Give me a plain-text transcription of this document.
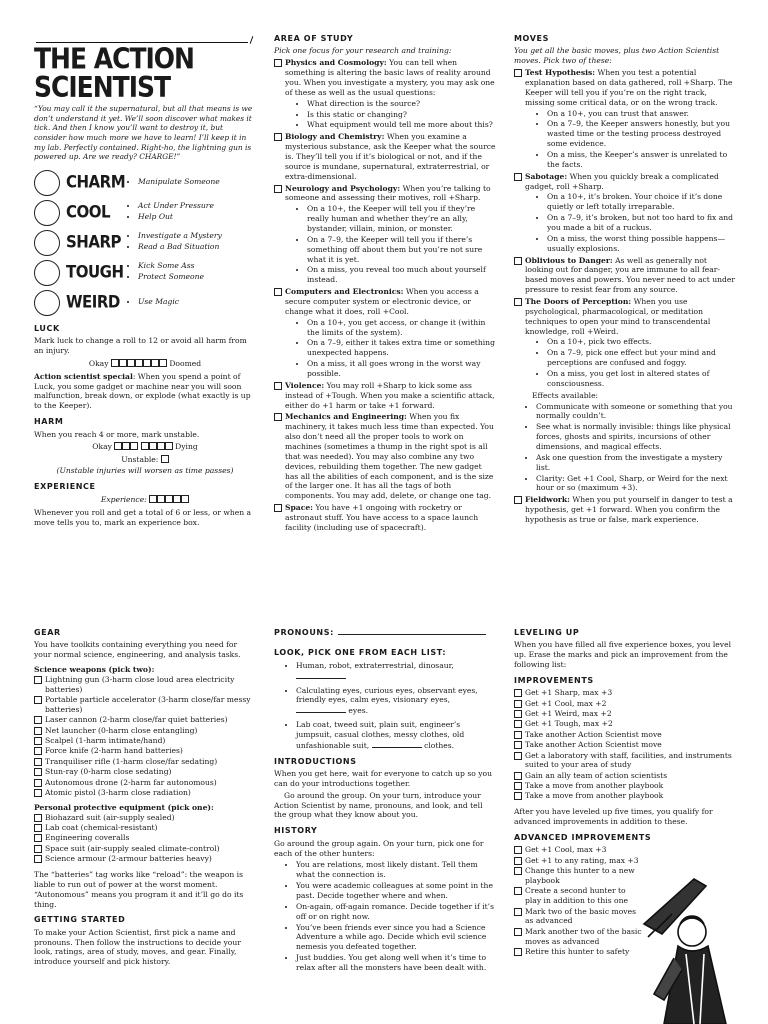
THE ACTION SCIENTIST
“You may call it the supernatural, but all that means is we don’t understand it yet. We’ll soon discover what makes it tick. And then I know you’ll want to destroy it, but consider how much more we have to learn! I’ll keep it in my lab. Perfectly contained. Right-ho, the lightning gun is powered up. Are we ready? CHARGE!”
CHARM	• Manipulate Someone
COOL	• Act Under Pressure
• Help Out
SHARP	• Investigate a Mystery
• Read a Bad Situation
TOUGH	• Kick Some Ass
• Protect Someone
WEIRD	• Use Magic
LUCK

Mark luck to change a roll to 12 or avoid all harm from an injury.

Okay	Doomed

Action scientist special: When you spend a point of Luck, you some gadget or machine near you will soon malfunction, break down, or explode (what exactly is up to the Keeper).

HARM

When you reach 4 or more, mark unstable.

Okay	Dying
Unstable:
(Unstable injuries will worsen as time passes)
EXPERIENCE
Experience:

Whenever you roll and get a total of 6 or less, or when a move tells you to, mark an experience box.

AREA OF STUDY
Pick one focus for your research and training:
Physics and Cosmology: You can tell when something is altering the basic laws of reality around you. When you investigate a mystery, you may ask one of these as well as the usual questions:
• What direction is the source?
• Is this static or changing?
• What equipment would tell me more about this?
Biology and Chemistry: When you examine a mysterious substance, ask the Keeper what the source is. They’ll tell you if it’s biological or not, and if the source is mundane, supernatural, extraterrestrial, or extra-dimensional.
Neurology and Psychology: When you’re talking to someone and assessing their motives, roll +Sharp.
• On a 10+, the Keeper will tell you if they’re really human and whether they’re an ally, bystander, villain, minion, or monster.
• On a 7–9, the Keeper will tell you if there’s something off about them but you’re not sure what it is yet.
• On a miss, you reveal too much about yourself instead.
Computers and Electronics: When you access a secure computer system or electronic device, or change what it does, roll +Cool.
• On a 10+, you get access, or change it (within the limits of the system).
• On a 7–9, either it takes extra time or something unexpected happens.
• On a miss, it all goes wrong in the worst way possible.
Violence: You may roll +Sharp to kick some ass instead of +Tough. When you make a scientific attack, either do +1 harm or take +1 forward.
Mechanics and Engineering: When you fix machinery, it takes much less time than expected. You also don’t need all the proper tools to work on machines (sometimes a thump in the right spot is all that was needed). You may also combine any two devices, rebuilding them together. The new gadget has all the abilities of each component, and is the size of the larger one. It has all the tags of both components. You may add, delete, or change one tag.
Space: You have +1 ongoing with rocketry or astronaut stuff. You have access to a space launch facility (including use of spacecraft).
MOVES
You get all the basic moves, plus two Action Scientist moves. Pick two of these:
Test Hypothesis: When you test a potential explanation based on data gathered, roll +Sharp. The Keeper will tell you if you’re on the right track, missing some critical data, or on the wrong track.
• On a 10+, you can trust that answer.
• On a 7–9, the Keeper answers honestly, but you wasted time or the testing process destroyed some evidence.
• On a miss, the Keeper’s answer is unrelated to the facts.
Sabotage: When you quickly break a complicated gadget, roll +Sharp.
• On a 10+, it’s broken. Your choice if it’s done quietly or left totally irreparable.
• On a 7–9, it’s broken, but not too hard to fix and you made a bit of a ruckus.
• On a miss, the worst thing possible happens—usually explosions.
Oblivious to Danger: As well as generally not looking out for danger, you are immune to all fear-based moves and powers. You never need to act under pressure to resist fear from any source.
The Doors of Perception: When you use psychological, pharmacological, or meditation techniques to open your mind to transcendental knowledge, roll +Weird.
• On a 10+, pick two effects.
• On a 7–9, pick one effect but your mind and perceptions are confused and foggy.
• On a miss, you get lost in altered states of consciousness.
Effects available:
• Communicate with someone or something that you normally couldn’t.
• See what is normally invisible: things like physical forces, ghosts and spirits, incursions of other dimensions, and magical effects.
• Ask one question from the investigate a mystery list.
• Clarity: Get +1 Cool, Sharp, or Weird for the next hour or so (maximum +3).
Fieldwork: When you put yourself in danger to test a hypothesis, get +1 forward. When you confirm the hypothesis as true or false, mark experience.
GEAR

You have toolkits containing everything you need for your normal science, engineering, and analysis tasks.

Science weapons (pick two):
Lightning gun (3-harm close loud area electricity batteries)
Portable particle accelerator (3-harm close/far messy batteries)
Laser cannon (2-harm close/far quiet batteries)
Net launcher (0-harm close entangling)
Scalpel (1-harm intimate/hand)
Force knife (2-harm hand batteries)
Tranquiliser rifle (1-harm close/far sedating)
Stun-ray (0-harm close sedating)
Autonomous drone (2-harm far autonomous)
Atomic pistol (3-harm close radiation)
Personal protective equipment (pick one):
Biohazard suit (air-supply sealed)
Lab coat (chemical-resistant)
Engineering coveralls
Space suit (air-supply sealed climate-control)
Science armour (2-armour batteries heavy)

The “batteries” tag works like “reload”: the weapon is liable to run out of power at the worst moment. “Autonomous” means you program it and it’ll go do its thing.

GETTING STARTED

To make your Action Scientist, first pick a name and pronouns. Then follow the instructions to decide your look, ratings, area of study, moves, and gear. Finally, introduce yourself and pick history.

PRONOUNS:
LOOK, PICK ONE FROM EACH LIST:
• Human, robot, extraterrestrial, dinosaur,
• Calculating eyes, curious eyes, observant eyes, friendly eyes, calm eyes, visionary eyes,  eyes.
• Lab coat, tweed suit, plain suit, engineer’s jumpsuit, casual clothes, messy clothes, old unfashionable suit,	clothes.
INTRODUCTIONS

When you get here, wait for everyone to catch up so you can do your introductions together.

Go around the group. On your turn, introduce your Action Scientist by name, pronouns, and look, and tell the group what they know about you.

HISTORY

Go around the group again. On your turn, pick one for each of the other hunters:

• You are relations, most likely distant. Tell them what the connection is.
• You were academic colleagues at some point in the past. Decide together where and when.
• On-again, off-again romance. Decide together if it’s off or on right now.
• You’ve been friends ever since you had a Science Adventure a while ago. Decide which evil science nemesis you defeated together.
• Just buddies. You get along well when it’s time to relax after all the monsters have been dealt with.
LEVELING UP

When you have filled all five experience boxes, you level up. Erase the marks and pick an improvement from the following list:

IMPROVEMENTS
Get +1 Sharp, max +3
Get +1 Cool, max +2
Get +1 Weird, max +2
Get +1 Tough, max +2
Take another Action Scientist move
Take another Action Scientist move
Get a laboratory with staff, facilities, and instruments suited to your area of study
Gain an ally team of action scientists
Take a move from another playbook
Take a move from another playbook

After you have leveled up five times, you qualify for advanced improvements in addition to these.

ADVANCED IMPROVEMENTS
Get +1 Cool, max +3
Get +1 to any rating, max +3
Change this hunter to a new playbook
Create a second hunter to play in addition to this one
Mark two of the basic moves as advanced
Mark another two of the basic moves as advanced
Retire this hunter to safety
